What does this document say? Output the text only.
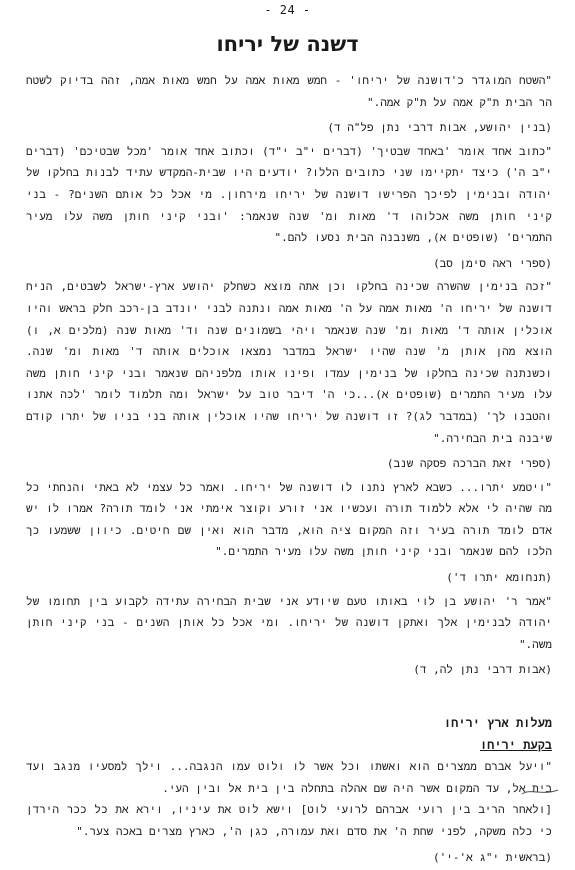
- 24 -
דשנה של יריחו

"השטח המוגדר כ'דושנה של יריחו' - חמש מאות אמה על חמש מאות אמה, זהה בדיוק לשטח הר הבית ת"ק אמה על ת"ק אמה."

(בנין יהושע, אבות דרבי נתן פל"ה ד)

"כתוב אחד אומר 'באחד שבטיך' (דברים י"ב י"ד) וכתוב אחד אומר 'מכל שבטיכם' (דברים י"ב ה') כיצד יתקיימו שני כתובים הללו? יודעים היו שבית-המקדש עתיד לבנות בחלקו של יהודה ובנימין לפיכך הפרישו דושנה של יריחו מירחון. מי אכל כל אותם השנים? - בני קיני חותן משה אכלוהו ד' מאות ומ' שנה שנאמר: 'ובני קיני חותן משה עלו מעיר התמרים' (שופטים א), משנבנה הבית נסעו להם."

(ספרי ראה סימן סב)

"זכה בנימין שהשרה שכינה בחלקו וכן אתה מוצא כשחלק יהושע ארץ-ישראל לשבטים, הניח דושנה של יריחו ה' מאות אמה על ה' מאות אמה ונתנה לבני יונדב בן-רכב חלק בראש והיו אוכלין אותה ד' מאות ומ' שנה שנאמר ויהי בשמונים שנה וד' מאות שנה (מלכים א, ו) הוצא מהן אותן מ' שנה שהיו ישראל במדבר נמצאו אוכלים אותה ד' מאות ומ' שנה. וכשנתנה שכינה בחלקו של בנימין עמדו ופינו אותו מלפניהם שנאמר ובני קיני חותן משה עלו מעיר התמרים (שופטים א)...כי ה' דיבר טוב על ישראל ומה תלמוד לומר 'לכה אתנו והטבנו לך' (במדבר לג)? זו דושנה של יריחו שהיו אוכלין אותה בני בניו של יתרו קודם שיבנה בית הבחירה."

(ספרי זאת הברכה פסקה שנב)

"ויטמע יתרו... כשבא לארץ נתנו לו דושנה של יריחו. ואמר כל עצמי לא באתי והנחתי כל מה שהיה לי אלא ללמוד תורה ועכשיו אני זורע וקוצר אימתי אני לומד תורה? אמרו לו יש אדם לומד תורה בעיר וזה המקום ציה הוא, מדבר הוא ואין שם חיטים. כיוון ששמעו כך הלכו להם שנאמר ובני קיני חותן משה עלו מעיר התמרים."

(תנחומא יתרו ד')

"אמר ר' יהושע בן לוי באותו טעם שיודע אני שבית הבחירה עתידה לקבוע בין תחומו של יהודה לבנימין אלך ואתקן דושנה של יריחו. ומי אכל כל אותן השנים - בני קיני חותן משה."

(אבות דרבי נתן לה, ד)

מעלות ארץ יריחו

בקעת יריחו

"ויעל אברם ממצרים הוא ואשתו וכל אשר לו ולוט עמו הנגבה... וילך למסעיו מנגב ועד בית אל, עד המקום אשר היה שם אהלה בתחלה בין בית אל ובין העי.

[ולאחר הריב בין רועי אברהם לרועי לוט] וישא לוט את עיניו, וירא את כל ככר הירדן כי כלה משקה, לפני שחת ה' את סדם ואת עמורה, כגן ה', כארץ מצרים באכה צער."

(בראשית י"ג א'-י')
